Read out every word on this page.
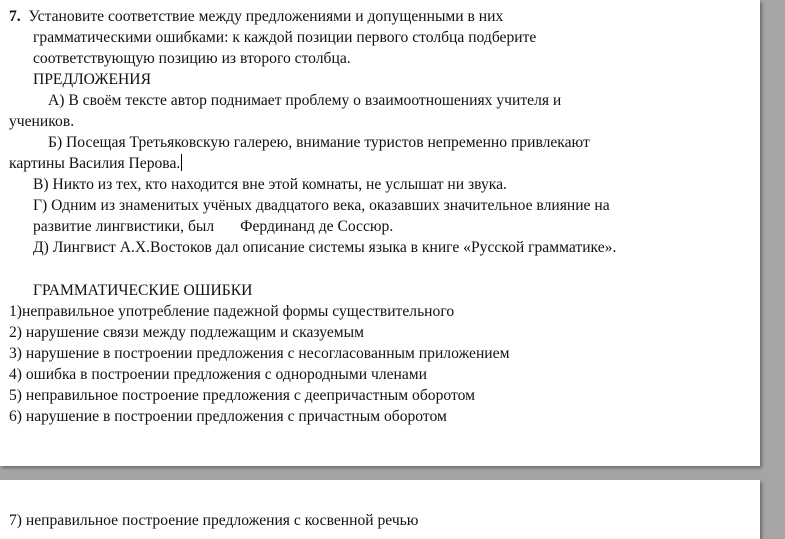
7. Установите соответствие между предложениями и допущенными в них
грамматическими ошибками: к каждой позиции первого столбца подберите
соответствующую позицию из второго столбца.
ПРЕДЛОЖЕНИЯ
А) В своём тексте автор поднимает проблему о взаимоотношениях учителя и
учеников.
Б) Посещая Третьяковскую галерею, внимание туристов непременно привлекают
картины Василия Перова.
В) Никто из тех, кто находится вне этой комнаты, не услышат ни звука.
Г) Одним из знаменитых учёных двадцатого века, оказавших значительное влияние на
развитие лингвистики, был Фердинанд де Соссюр.
Д) Лингвист А.Х.Востоков дал описание системы языка в книге «Русской грамматике».
ГРАММАТИЧЕСКИЕ ОШИБКИ
1)неправильное употребление падежной формы существительного
2) нарушение связи между подлежащим и сказуемым
3) нарушение в построении предложения с несогласованным приложением
4) ошибка в построении предложения с однородными членами
5) неправильное построение предложения с деепричастным оборотом
6) нарушение в построении предложения с причастным оборотом
7) неправильное построение предложения с косвенной речью
